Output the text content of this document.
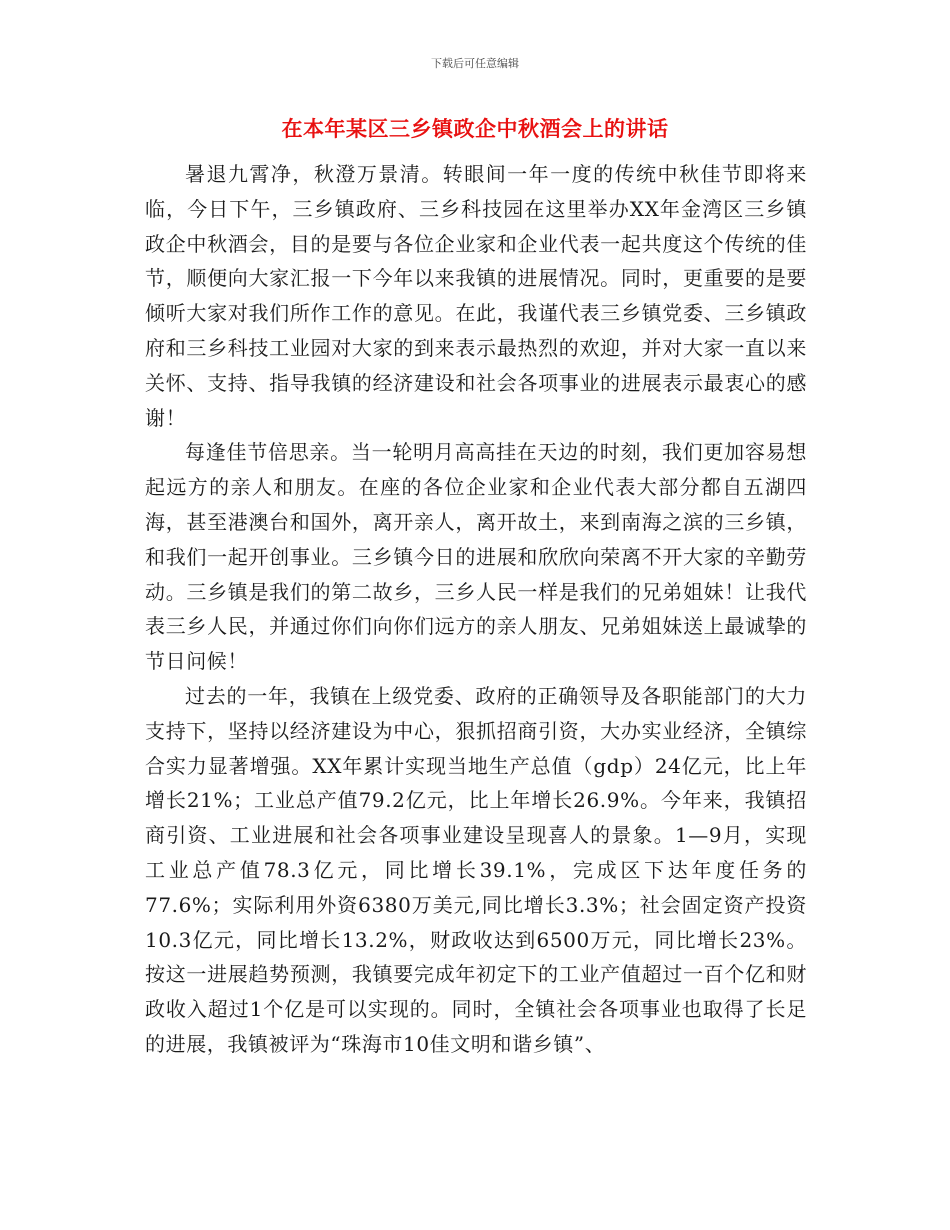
下载后可任意编辑
在本年某区三乡镇政企中秋酒会上的讲话

暑退九霄净，秋澄万景清。转眼间一年一度的传统中秋佳节即将来临，今日下午，三乡镇政府、三乡科技园在这里举办XX年金湾区三乡镇政企中秋酒会，目的是要与各位企业家和企业代表一起共度这个传统的佳节，顺便向大家汇报一下今年以来我镇的进展情况。同时，更重要的是要倾听大家对我们所作工作的意见。在此，我谨代表三乡镇党委、三乡镇政府和三乡科技工业园对大家的到来表示最热烈的欢迎，并对大家一直以来关怀、支持、指导我镇的经济建设和社会各项事业的进展表示最衷心的感谢！

每逢佳节倍思亲。当一轮明月高高挂在天边的时刻，我们更加容易想起远方的亲人和朋友。在座的各位企业家和企业代表大部分都自五湖四海，甚至港澳台和国外，离开亲人，离开故土，来到南海之滨的三乡镇，和我们一起开创事业。三乡镇今日的进展和欣欣向荣离不开大家的辛勤劳动。三乡镇是我们的第二故乡，三乡人民一样是我们的兄弟姐妹！让我代表三乡人民，并通过你们向你们远方的亲人朋友、兄弟姐妹送上最诚挚的节日问候！

过去的一年，我镇在上级党委、政府的正确领导及各职能部门的大力支持下，坚持以经济建设为中心，狠抓招商引资，大办实业经济，全镇综合实力显著增强。XX年累计实现当地生产总值（gdp）24亿元，比上年增长21%；工业总产值79.2亿元，比上年增长26.9%。今年来，我镇招商引资、工业进展和社会各项事业建设呈现喜人的景象。1—9月，实现工业总产值78.3亿元，同比增长39.1%，完成区下达年度任务的77.6%；实际利用外资6380万美元,同比增长3.3%；社会固定资产投资10.3亿元，同比增长13.2%，财政收达到6500万元，同比增长23%。按这一进展趋势预测，我镇要完成年初定下的工业产值超过一百个亿和财政收入超过1个亿是可以实现的。同时，全镇社会各项事业也取得了长足的进展，我镇被评为“珠海市10佳文明和谐乡镇”、
